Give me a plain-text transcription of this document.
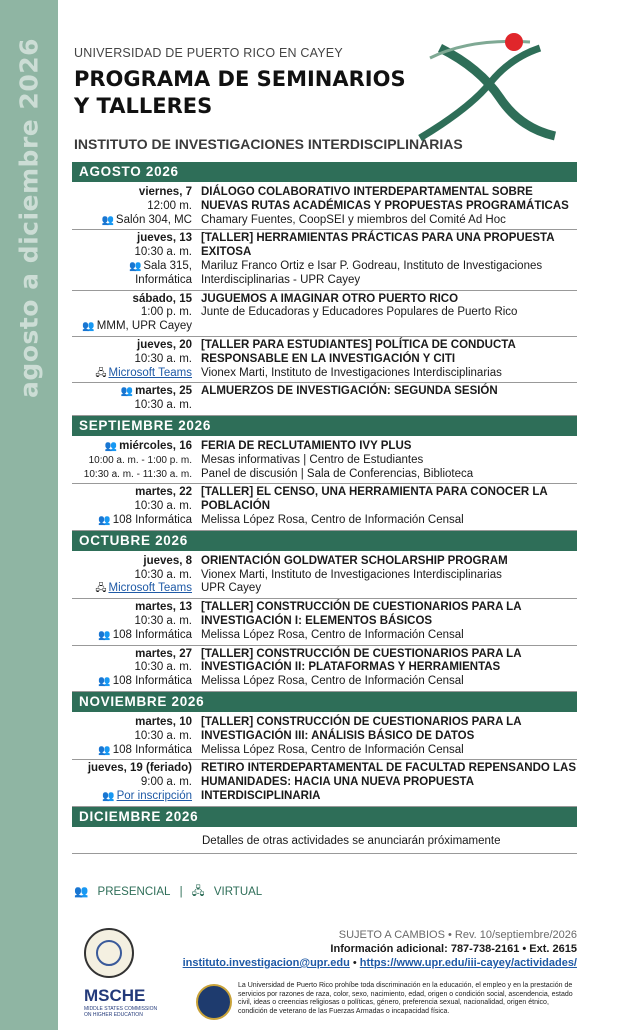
agosto a diciembre 2026 UNIVERSIDAD DE PUERTO RICO EN CAYEY
PROGRAMA DE SEMINARIOS
Y TALLERES
INSTITUTO DE INVESTIGACIONES INTERDISCIPLINARIAS
AGOSTO 2026
viernes, 7
12:00 m.
👥 Salón 304, MC
DIÁLOGO COLABORATIVO INTERDEPARTAMENTAL SOBRE NUEVAS RUTAS ACADÉMICAS Y PROPUESTAS PROGRAMÁTICAS
Chamary Fuentes, CoopSEI y miembros del Comité Ad Hoc
jueves, 13
10:30 a. m.
👥 Sala 315, Informática
[TALLER] HERRAMIENTAS PRÁCTICAS PARA UNA PROPUESTA EXITOSA
Mariluz Franco Ortiz e Isar P. Godreau, Instituto de Investigaciones Interdisciplinarias - UPR Cayey
sábado, 15
1:00 p. m.
👥 MMM, UPR Cayey
JUGUEMOS A IMAGINAR OTRO PUERTO RICO
Junte de Educadoras y Educadores Populares de Puerto Rico
jueves, 20
10:30 a. m.
🖧 Microsoft Teams
[TALLER PARA ESTUDIANTES] POLÍTICA DE CONDUCTA RESPONSABLE EN LA INVESTIGACIÓN Y CITI
Vionex Marti, Instituto de Investigaciones Interdisciplinarias
👥 martes, 25
10:30 a. m.
ALMUERZOS DE INVESTIGACIÓN: SEGUNDA SESIÓN
SEPTIEMBRE 2026
👥 miércoles, 16
10:00 a. m. - 1:00 p. m.
10:30 a. m. - 11:30 a. m.
FERIA DE RECLUTAMIENTO IVY PLUS
Mesas informativas | Centro de Estudiantes
Panel de discusión | Sala de Conferencias, Biblioteca
martes, 22
10:30 a. m.
👥 108 Informática
[TALLER] EL CENSO, UNA HERRAMIENTA PARA CONOCER LA POBLACIÓN
Melissa López Rosa, Centro de Información Censal
OCTUBRE 2026
jueves, 8
10:30 a. m.
🖧 Microsoft Teams
ORIENTACIÓN GOLDWATER SCHOLARSHIP PROGRAM
Vionex Marti, Instituto de Investigaciones Interdisciplinarias
UPR Cayey
martes, 13
10:30 a. m.
👥 108 Informática
[TALLER] CONSTRUCCIÓN DE CUESTIONARIOS PARA LA INVESTIGACIÓN I: ELEMENTOS BÁSICOS
Melissa López Rosa, Centro de Información Censal
martes, 27
10:30 a. m.
👥 108 Informática
[TALLER] CONSTRUCCIÓN DE CUESTIONARIOS PARA LA INVESTIGACIÓN II: PLATAFORMAS Y HERRAMIENTAS
Melissa López Rosa, Centro de Información Censal
NOVIEMBRE 2026
martes, 10
10:30 a. m.
👥 108 Informática
[TALLER] CONSTRUCCIÓN DE CUESTIONARIOS PARA LA INVESTIGACIÓN III: ANÁLISIS BÁSICO DE DATOS
Melissa López Rosa, Centro de Información Censal
jueves, 19 (feriado)
9:00 a. m.
👥 Por inscripción
RETIRO INTERDEPARTAMENTAL DE FACULTAD REPENSANDO LAS HUMANIDADES: HACIA UNA NUEVA PROPUESTA INTERDISCIPLINARIA
DICIEMBRE 2026
Detalles de otras actividades se anunciarán próximamente
👥 PRESENCIAL | 🖧 VIRTUAL
MSCHE
MIDDLE STATES COMMISSION ON HIGHER EDUCATION
SUJETO A CAMBIOS • Rev. 10/septiembre/2026
Información adicional: 787-738-2161 • Ext. 2615
instituto.investigacion@upr.edu • https://www.upr.edu/iii-cayey/actividades/
La Universidad de Puerto Rico prohíbe toda discriminación en la educación, el empleo y en la prestación de servicios por razones de raza, color, sexo, nacimiento, edad, origen o condición social, ascendencia, estado civil, ideas o creencias religiosas o políticas, género, preferencia sexual, nacionalidad, origen étnico, condición de veterano de las Fuerzas Armadas o incapacidad física.
